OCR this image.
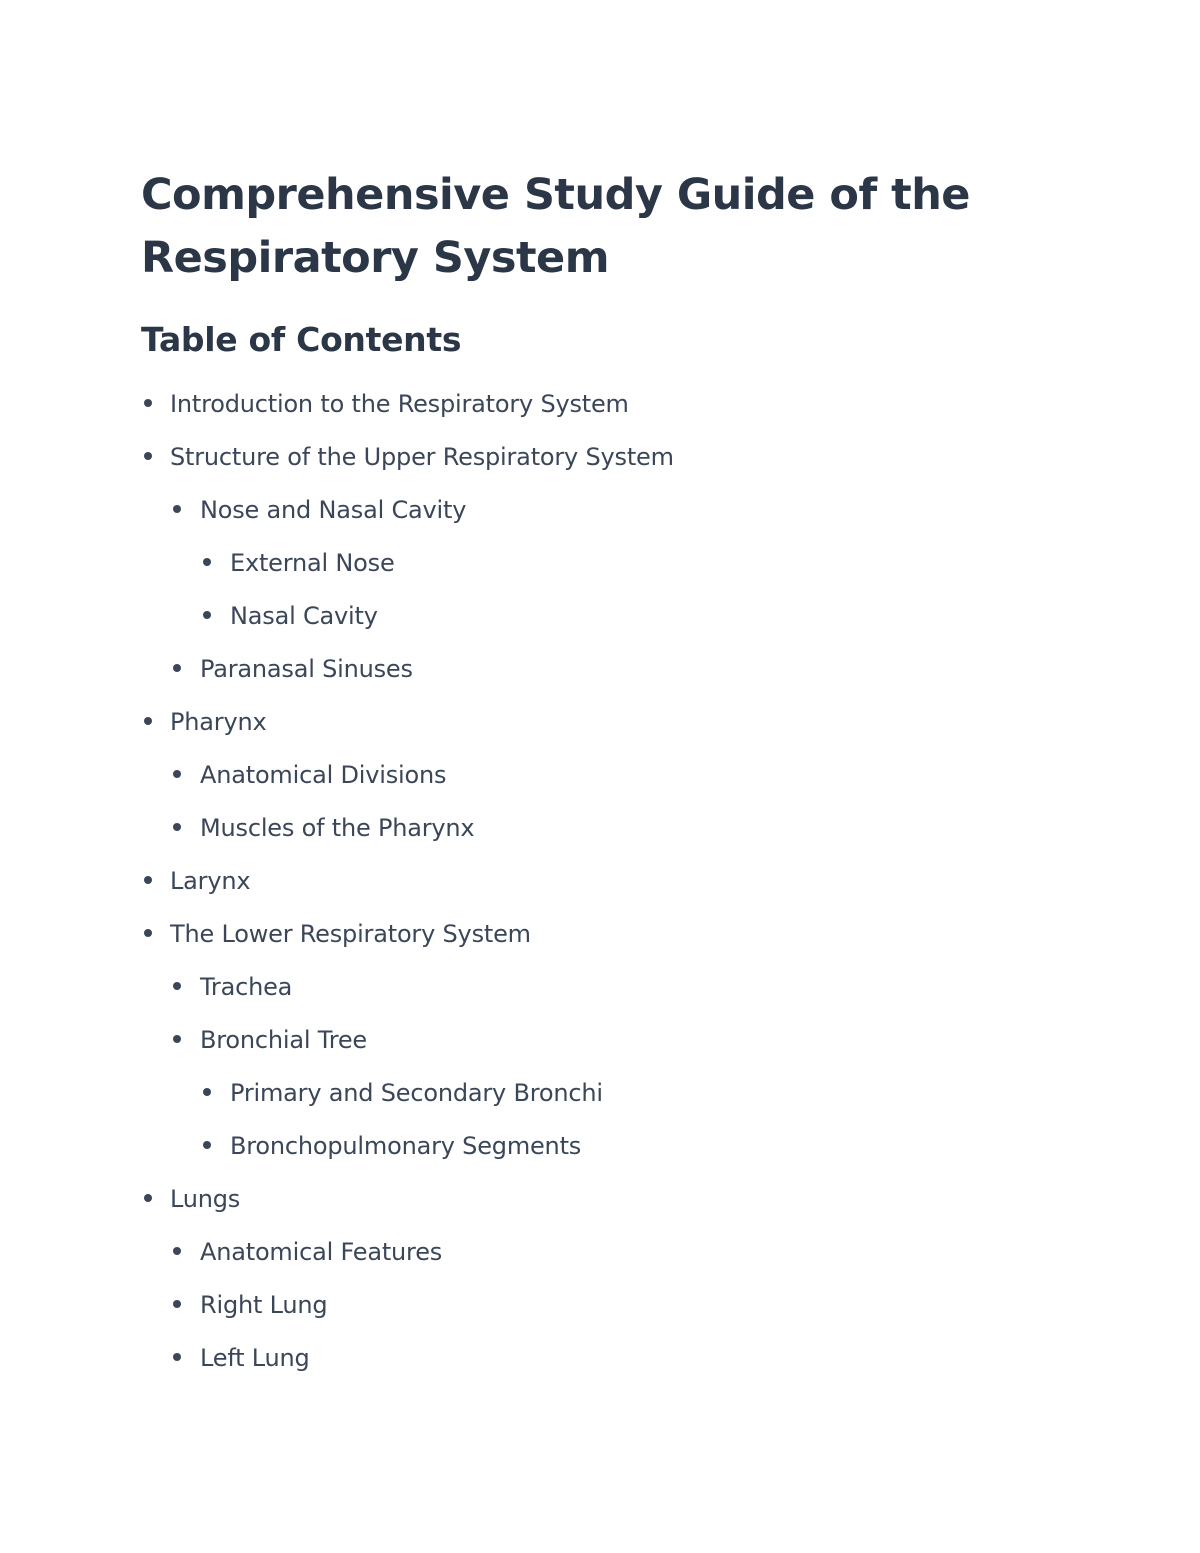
Comprehensive Study Guide of the Respiratory System
Table of Contents
Introduction to the Respiratory System
Structure of the Upper Respiratory System
Nose and Nasal Cavity
External Nose
Nasal Cavity
Paranasal Sinuses
Pharynx
Anatomical Divisions
Muscles of the Pharynx
Larynx
The Lower Respiratory System
Trachea
Bronchial Tree
Primary and Secondary Bronchi
Bronchopulmonary Segments
Lungs
Anatomical Features
Right Lung
Left Lung
